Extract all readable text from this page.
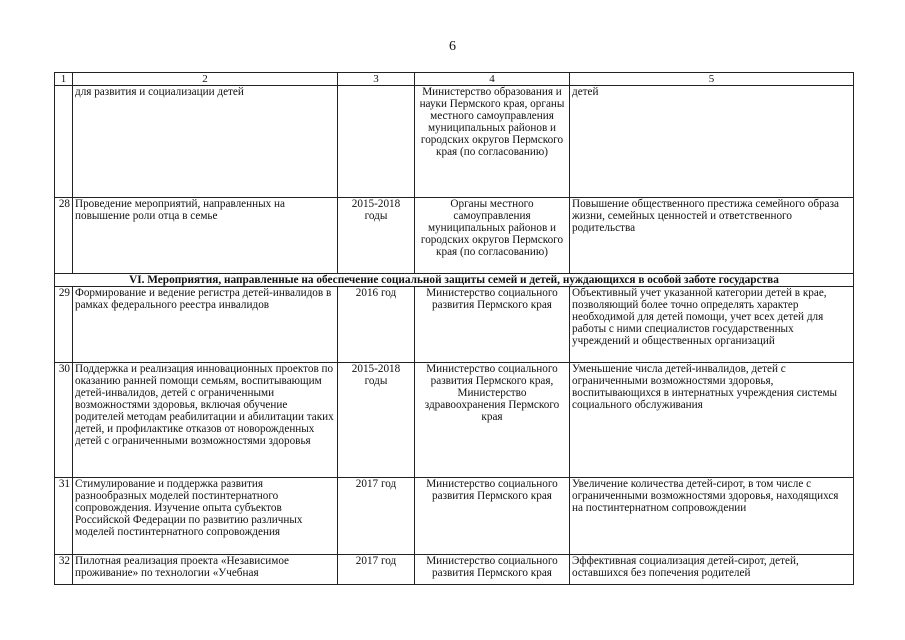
6
1	2	3	4	5
	для развития и социализации детей		Министерство образования и науки Пермского края, органы местного самоуправления муниципальных районов и городских округов Пермского края (по согласованию)	детей
28	Проведение мероприятий, направленных на повышение роли отца в семье	2015-2018 годы	Органы местного самоуправления муниципальных районов и городских округов Пермского края (по согласованию)	Повышение общественного престижа семейного образа жизни, семейных ценностей и ответственного родительства
VI. Мероприятия, направленные на обеспечение социальной защиты семей и детей, нуждающихся в особой заботе государства				
29	Формирование и ведение регистра детей-инвалидов в рамках федерального реестра инвалидов	2016 год	Министерство социального развития Пермского края	Объективный учет указанной категории детей в крае, позволяющий более точно определять характер необходимой для детей помощи, учет всех детей для работы с ними специалистов государственных учреждений и общественных организаций
30	Поддержка и реализация инновационных проектов по оказанию ранней помощи семьям, воспитывающим детей-инвалидов, детей с ограниченными возможностями здоровья, включая обучение родителей методам реабилитации и абилитации таких детей, и профилактике отказов от новорожденных детей с ограниченными возможностями здоровья	2015-2018 годы	Министерство социального развития Пермского края, Министерство здравоохранения Пермского края	Уменьшение числа детей-инвалидов, детей с ограниченными возможностями здоровья, воспитывающихся в интернатных учреждения системы социального обслуживания
31	Стимулирование и поддержка развития разнообразных моделей постинтернатного сопровождения. Изучение опыта субъектов Российской Федерации по развитию различных моделей постинтернатного сопровождения	2017 год	Министерство социального развития Пермского края	Увеличение количества детей-сирот, в том числе с ограниченными возможностями здоровья, находящихся на постинтернатном сопровождении
32	Пилотная реализация проекта «Независимое проживание» по технологии «Учебная	2017 год	Министерство социального развития Пермского края	Эффективная социализация детей-сирот, детей, оставшихся без попечения родителей
